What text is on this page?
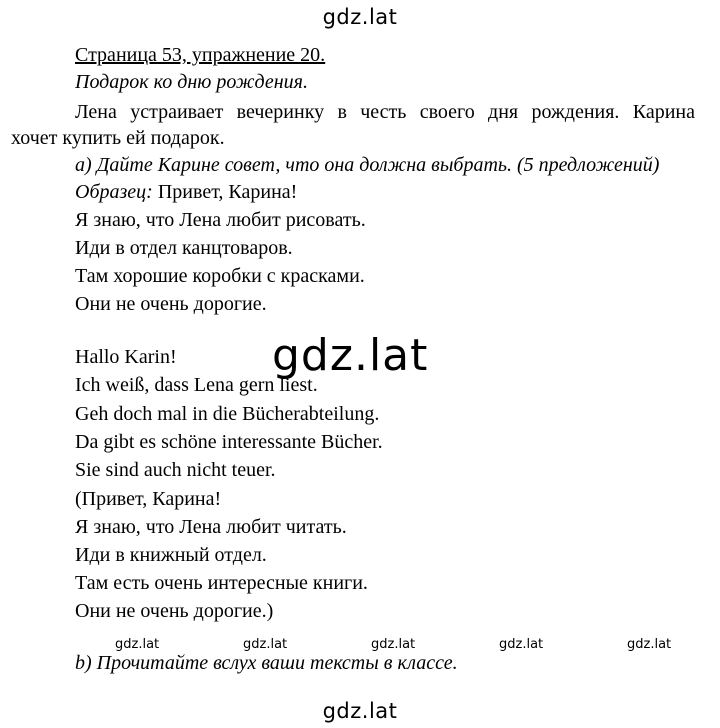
gdz.lat
Страница 53, упражнение 20.
Подарок ко дню рождения.
Лена устраивает вечеринку в честь своего дня рождения. Карина
хочет купить ей подарок.
а) Дайте Карине совет, что она должна выбрать. (5 предложений)
Образец: Привет, Карина!
Я знаю, что Лена любит рисовать.
Иди в отдел канцтоваров.
Там хорошие коробки с красками.
Они не очень дорогие.
Hallo Karin!
Ich weiß, dass Lena gern liest.
Geh doch mal in die Bücherabteilung.
Da gibt es schöne interessante Bücher.
Sie sind auch nicht teuer.
(Привет, Карина!
Я знаю, что Лена любит читать.
Иди в книжный отдел.
Там есть очень интересные книги.
Они не очень дорогие.)
b) Прочитайте вслух ваши тексты в классе.
gdz.lat
gdz.lat	gdz.lat	gdz.lat	gdz.lat	gdz.lat
gdz.lat
